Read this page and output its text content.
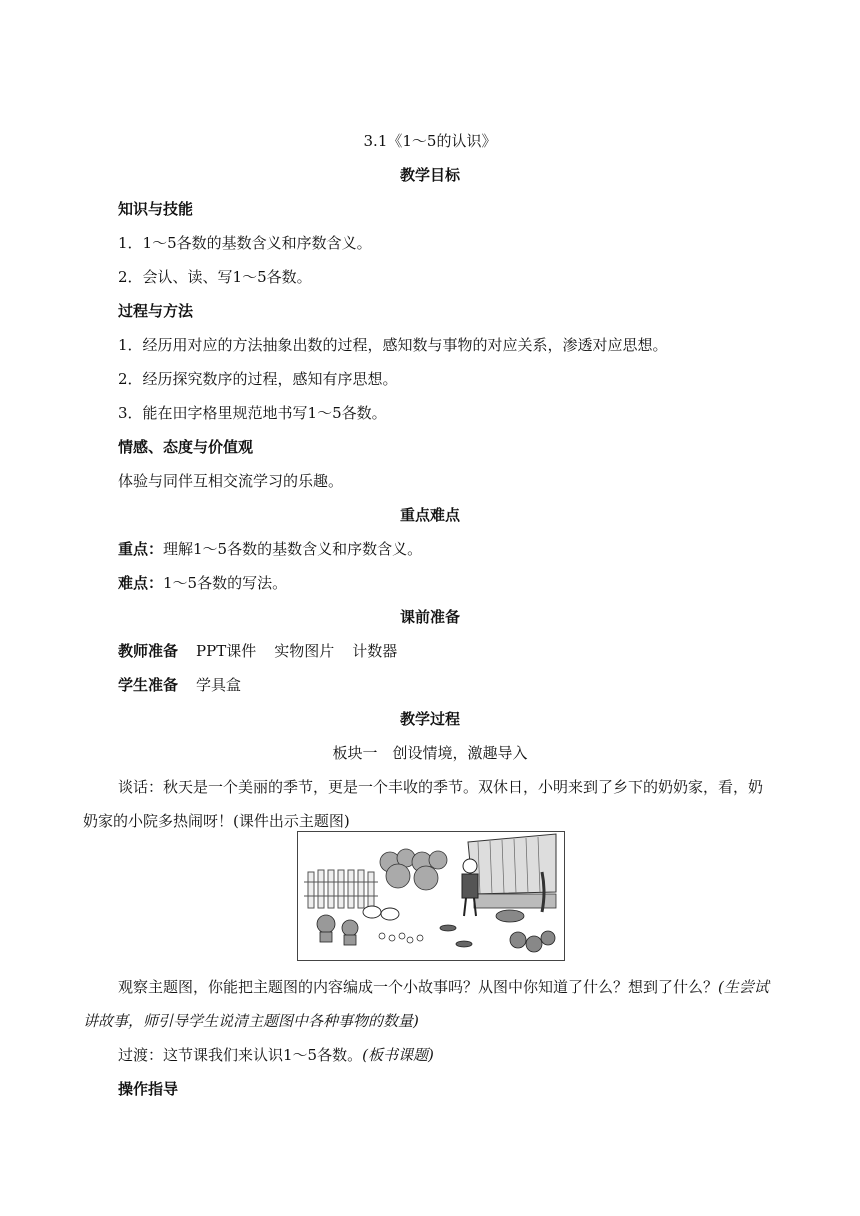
3.1《1～5的认识》
教学目标
知识与技能
1．1～5各数的基数含义和序数含义。
2．会认、读、写1～5各数。
过程与方法
1．经历用对应的方法抽象出数的过程，感知数与事物的对应关系，渗透对应思想。
2．经历探究数序的过程，感知有序思想。
3．能在田字格里规范地书写1～5各数。
情感、态度与价值观
体验与同伴互相交流学习的乐趣。
重点难点
重点：理解1～5各数的基数含义和序数含义。
难点：1～5各数的写法。
课前准备
教师准备 PPT课件 实物图片 计数器
学生准备 学具盒
教学过程
板块一　创设情境，激趣导入
谈话：秋天是一个美丽的季节，更是一个丰收的季节。双休日，小明来到了乡下的奶奶家，看，奶奶家的小院多热闹呀！(课件出示主题图)
观察主题图，你能把主题图的内容编成一个小故事吗？从图中你知道了什么？想到了什么？(生尝试讲故事，师引导学生说清主题图中各种事物的数量)
过渡：这节课我们来认识1～5各数。(板书课题)
操作指导
